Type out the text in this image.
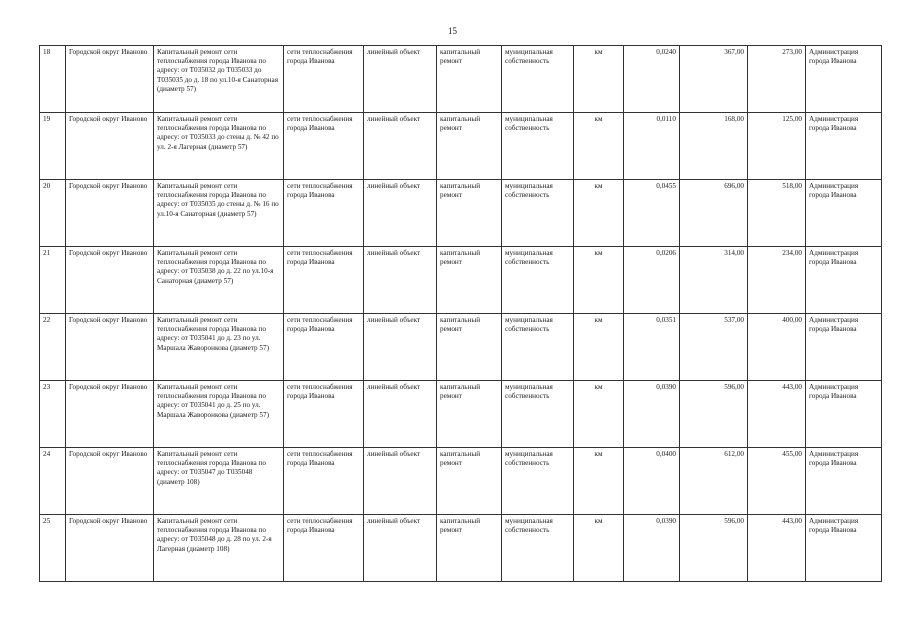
15
18	Городской округ Иваново	Капитальный ремонт сети теплоснабжения города Иванова по адресу: от Т035032 до Т035033 до Т035035 до д. 18 по ул.10-я Санаторная (диаметр 57)	сети теплоснабжения города Иванова	линейный объект	капитальный ремонт	муниципальная собственность	км	0,0240	367,00	273,00	Администрация города Иванова
19	Городской округ Иваново	Капитальный ремонт сети теплоснабжения города Иванова по адресу: от Т035033 до стены д. № 42 по ул. 2-я Лагерная (диаметр 57)	сети теплоснабжения города Иванова	линейный объект	капитальный ремонт	муниципальная собственность	км	0,0110	168,00	125,00	Администрация города Иванова
20	Городской округ Иваново	Капитальный ремонт сети теплоснабжения города Иванова по адресу: от Т035035 до стены д. № 16 по ул.10-я Санаторная (диаметр 57)	сети теплоснабжения города Иванова	линейный объект	капитальный ремонт	муниципальная собственность	км	0,0455	696,00	518,00	Администрация города Иванова
21	Городской округ Иваново	Капитальный ремонт сети теплоснабжения города Иванова по адресу: от Т035038 до д. 22 по ул.10-я Санаторная (диаметр 57)	сети теплоснабжения города Иванова	линейный объект	капитальный ремонт	муниципальная собственность	км	0,0206	314,00	234,00	Администрация города Иванова
22	Городской округ Иваново	Капитальный ремонт сети теплоснабжения города Иванова по адресу: от Т035041 до д. 23 по ул. Маршала Жаворонкова (диаметр 57)	сети теплоснабжения города Иванова	линейный объект	капитальный ремонт	муниципальная собственность	км	0,0351	537,00	400,00	Администрация города Иванова
23	Городской округ Иваново	Капитальный ремонт сети теплоснабжения города Иванова по адресу: от Т035041 до д. 25 по ул. Маршала Жаворонкова (диаметр 57)	сети теплоснабжения города Иванова	линейный объект	капитальный ремонт	муниципальная собственность	км	0,0390	596,00	443,00	Администрация города Иванова
24	Городской округ Иваново	Капитальный ремонт сети теплоснабжения города Иванова по адресу: от Т035047 до Т035048 (диаметр 108)	сети теплоснабжения города Иванова	линейный объект	капитальный ремонт	муниципальная собственность	км	0,0400	612,00	455,00	Администрация города Иванова
25	Городской округ Иваново	Капитальный ремонт сети теплоснабжения города Иванова по адресу: от Т035048 до д. 28 по ул. 2-я Лагерная (диаметр 108)	сети теплоснабжения города Иванова	линейный объект	капитальный ремонт	муниципальная собственность	км	0,0390	596,00	443,00	Администрация города Иванова
